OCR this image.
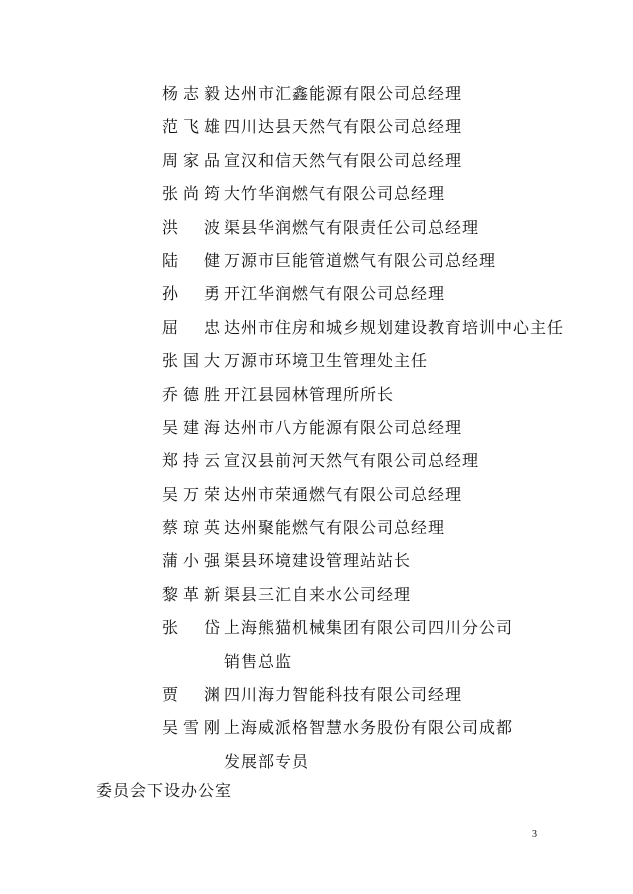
杨志毅 达州市汇鑫能源有限公司总经理
范飞雄 四川达县天然气有限公司总经理
周家品 宣汉和信天然气有限公司总经理
张尚筠 大竹华润燃气有限公司总经理
洪　波 渠县华润燃气有限责任公司总经理
陆　健 万源市巨能管道燃气有限公司总经理
孙　勇 开江华润燃气有限公司总经理
屈　忠 达州市住房和城乡规划建设教育培训中心主任
张国大 万源市环境卫生管理处主任
乔德胜 开江县园林管理所所长
吴建海 达州市八方能源有限公司总经理
郑持云 宣汉县前河天然气有限公司总经理
吴万荣 达州市荣通燃气有限公司总经理
蔡琼英 达州聚能燃气有限公司总经理
蒲小强 渠县环境建设管理站站长
黎革新 渠县三汇自来水公司经理
张　岱 上海熊猫机械集团有限公司四川分公司
销售总监
贾　渊 四川海力智能科技有限公司经理
吴雪刚 上海威派格智慧水务股份有限公司成都
发展部专员
委员会下设办公室
3
